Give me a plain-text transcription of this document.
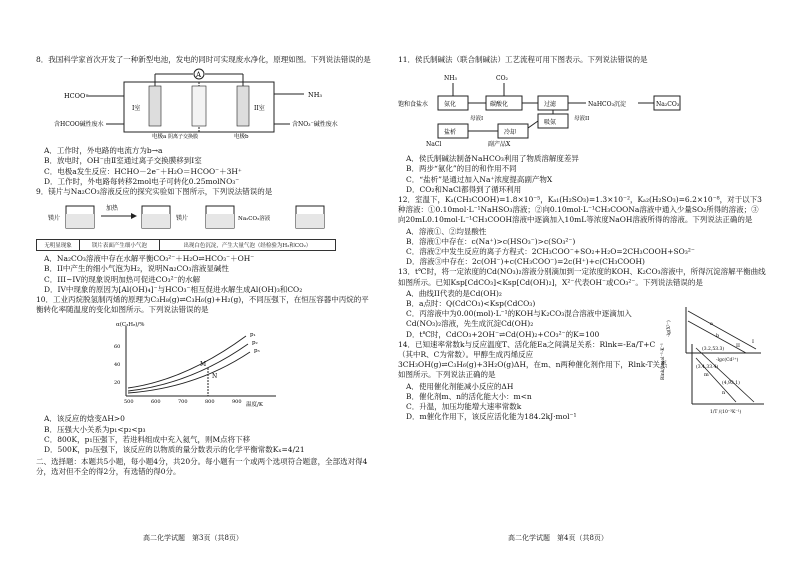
8．我国科学家首次开发了一种新型电池，发电的同时可实现废水净化，原理如图。下列说法错误的是
A
HCOO⁻
含HCOO碱性废水
I室	II室
电极a	电极b
阴离子交换膜
NH₃
含NO₃⁻碱性废水
A．工作时，外电路的电流方为b→a
B．放电时，OH⁻由Ⅱ室通过离子交换膜移到Ⅰ室
C．电极a发生反应：HCHO－2e⁻＋H₂O＝HCOO⁻＋3H⁺
D．工作时，外电路每转移2mol电子可转化0.25molNO₃⁻
9．镁片与Na₂CO₃溶液反应的探究实验如下图所示，下列说法错误的是
镁片
加热
镁片	Na₂CO₃溶液
无明显现象	镁片表面产生细小气泡	出现白色沉淀，产生大量气泡（经检验为H₂和CO₂）
A．Na₂CO₃溶液中存在水解平衡CO₃²⁻＋H₂O⇌HCO₃⁻＋OH⁻
B．II中产生的细小气泡为H₂，说明Na₂CO₃溶液显碱性
C．III~IV的现象说明加热可促进CO₃²⁻的水解
D．IV中现象的原因为[Al(OH)₄]⁻与HCO₃⁻相互促进水解生成Al(OH)₃和CO₂
10．工业丙烷脱氢制丙烯的原理为C₃H₈(g)⇌C₃H₆(g)+H₂(g)，不同压强下，在恒压容器中丙烷的平衡转化率随温度的变化如图所示。下列说法错误的是
α(C₃H₈)/%
温度/K
60
40
20
500	600	700	800	900
p₁
p₂
p₃
M
N
A．该反应的焓变ΔH>0
B．压强大小关系为p₁<p₂<p₃
C．800K，p₁压强下，若进料组成中充入氦气，则M点将下移
D．500K，p₃压强下，该反应的以物质的量分数表示的化学平衡常数Kₓ=4/21
二、选择题：本题共5小题，每小题4分，共20分。每小题有一个或两个选项符合题意，全部选对得4分，选对但不全的得2分，有选错的得0分。
11．侯氏制碱法（联合制碱法）工艺流程可用下图表示。下列说法错误的是
饱和食盐水	氨化
NH₃
碳酸化
CO₂
过滤	NaHCO₃沉淀	Na₂CO₃
盐析	冷却
吸氨
NaCl	副产品X
母液I	母液II
A．侯氏制碱法制备NaHCO₃利用了物质溶解度差异
B．两步“氨化”的目的和作用不同
C．“盐析”是通过加入Na⁺浓度提高副产物X
D．CO₂和NaCl都得到了循环利用
12．室温下，Kₐ(CH₃COOH)=1.8×10⁻⁵，Kₐ₁(H₂SO₃)=1.3×10⁻²，Kₐ₂(H₂SO₃)=6.2×10⁻⁸，对于以下3种溶液：①0.10mol·L⁻¹NaHSO₃溶液；②向0.10mol·L⁻¹CH₃COONa溶液中通入少量SO₂所得的溶液；③向20mL0.10mol·L⁻¹CH₃COOH溶液中逐滴加入10mL等浓度NaOH溶液所得的溶液。下列说法正确的是
A．溶液①、②均显酸性
B．溶液①中存在：c(Na⁺)>c(HSO₃⁻)>c(SO₃²⁻)
C．溶液②中发生反应的离子方程式：2CH₃COO⁻+SO₂+H₂O=2CH₃COOH+SO₃²⁻
D．溶液③中存在：2c(OH⁻)+c(CH₃COO⁻)=2c(H⁺)+c(CH₃COOH)
13．t℃时，将一定浓度的Cd(NO₃)₂溶液分别滴加到一定浓度的KOH、K₂CO₃溶液中，所得沉淀溶解平衡曲线如图所示。已知Ksp[CdCO₃]<Ksp[Cd(OH)₂]，X²⁻代表OH⁻或CO₃²⁻。下列说法错误的是
A．曲线II代表的是Cd(OH)₂
B．a点时：Q(CdCO₃)<Ksp(CdCO₃)
C．丙溶液中为0.00(mol)·L⁻¹的KOH与K₂CO₃混合溶液中逐滴加入Cd(NO₃)₂溶液，先生成沉淀Cd(OH)₂
D．t℃时，CdCO₃+2OH⁻⇌Cd(OH)₂+CO₃²⁻的K=100	-lg(X²⁻)
-lgc(Cd²⁺)
I
II
a
b
14．已知速率常数k与反应温度T、活化能Ea之间满足关系：Rlnk=-Ea/T+C（其中R、C为常数）。甲醇生成丙烯反应3CH₃OH(g)⇌C₃H₆(g)+3H₂O(g)ΔH，在m、n两种催化剂作用下，Rlnk-T关系如图所示。下列说法正确的是
A．使用催化剂能减小反应的ΔH
B．催化剂m、n的活化能大小：m<n
C．升温，加压均能增大速率常数k
D．m催化作用下，该反应活化能为184.2kJ·mol⁻¹
Rlnk/J·mol⁻¹·K⁻¹
1/T /(10⁻³K⁻¹)
(3.2,53.3)
(4,93.1)
m
n
(3.4,33.4)
高二化学试题　第3页（共8页）	高二化学试题　第4页（共8页）
